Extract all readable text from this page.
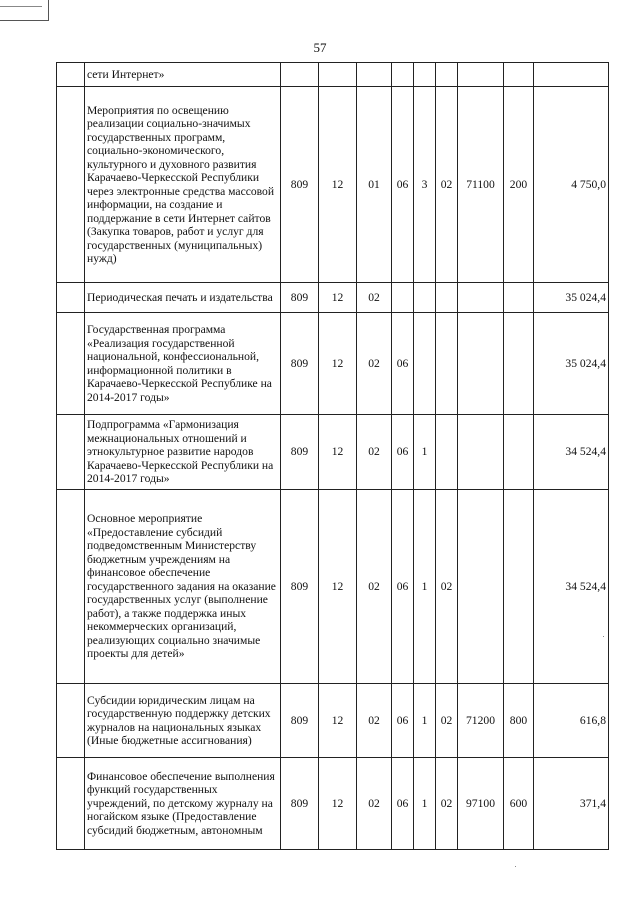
57
	сети Интернет»									
	Мероприятия по освещению реализации социально-значимых государственных программ, социально-экономического, культурного и духовного развития Карачаево-Черкесской Республики через электронные средства массовой информации, на создание и поддержание в сети Интернет сайтов (Закупка товаров, работ и услуг для государственных (муниципальных) нужд)	809	12	01	06	3	02	71100	200	4 750,0
	Периодическая печать и издательства	809	12	02						35 024,4
	Государственная программа «Реализация государственной национальной, конфессиональной, информационной политики в Карачаево-Черкесской Республике на 2014-2017 годы»	809	12	02	06					35 024,4
	Подпрограмма «Гармонизация межнациональных отношений и этнокультурное развитие народов Карачаево-Черкесской Республики на 2014-2017 годы»	809	12	02	06	1				34 524,4
	Основное мероприятие «Предоставление субсидий подведомственным Министерству бюджетным учреждениям на финансовое обеспечение государственного задания на оказание государственных услуг (выполнение работ), а также поддержка иных некоммерческих организаций, реализующих социально значимые проекты для детей»	809	12	02	06	1	02			34 524,4
	Субсидии юридическим лицам на государственную поддержку детских журналов на национальных языках (Иные бюджетные ассигнования)	809	12	02	06	1	02	71200	800	616,8
	Финансовое обеспечение выполнения функций государственных учреждений, по детскому журналу на ногайском языке (Предоставление субсидий бюджетным, автономным	809	12	02	06	1	02	97100	600	371,4
